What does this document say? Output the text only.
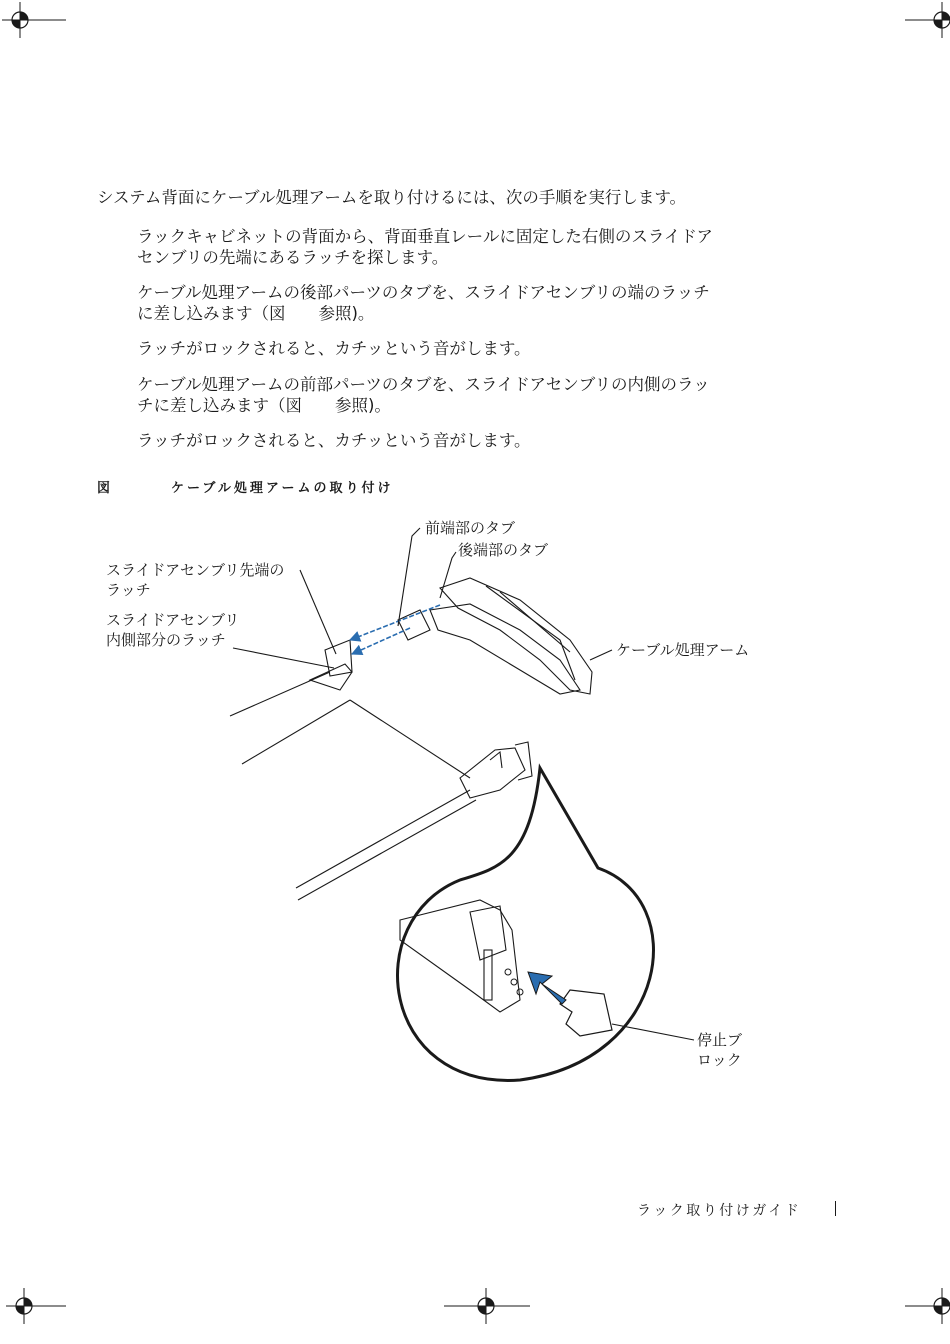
システム背面にケーブル処理アームを取り付けるには、次の手順を実行します。
ラックキャビネットの背面から、背面垂直レールに固定した右側のスライドア
センブリの先端にあるラッチを探します。
ケーブル処理アームの後部パーツのタブを、スライドアセンブリの端のラッチ
に差し込みます（図　　参照)。
ラッチがロックされると、カチッという音がします。
ケーブル処理アームの前部パーツのタブを、スライドアセンブリの内側のラッ
チに差し込みます（図　　参照)。
ラッチがロックされると、カチッという音がします。
図	ケーブル処理アームの取り付け
前端部のタブ
後端部のタブ
スライドアセンブリ先端の
ラッチ
スライドアセンブリ
内側部分のラッチ
ケーブル処理アーム
停止ブ
ロック
ラック取り付けガイド
